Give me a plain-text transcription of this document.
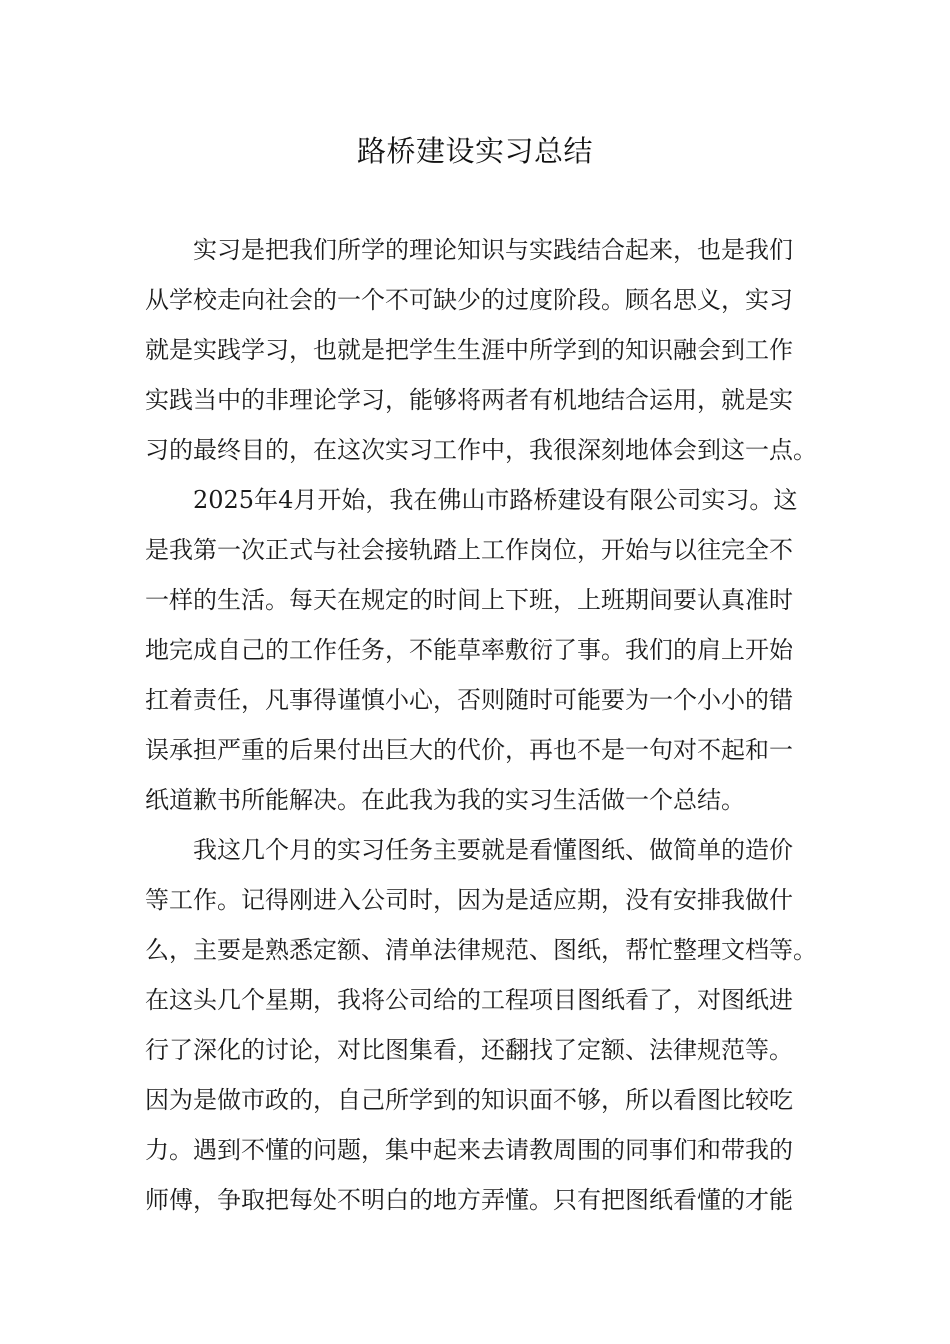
路桥建设实习总结
实习是把我们所学的理论知识与实践结合起来，也是我们
从学校走向社会的一个不可缺少的过度阶段。顾名思义，实习
就是实践学习，也就是把学生生涯中所学到的知识融会到工作
实践当中的非理论学习，能够将两者有机地结合运用，就是实
习的最终目的，在这次实习工作中，我很深刻地体会到这一点。
2025年4月开始，我在佛山市路桥建设有限公司实习。这
是我第一次正式与社会接轨踏上工作岗位，开始与以往完全不
一样的生活。每天在规定的时间上下班，上班期间要认真准时
地完成自己的工作任务，不能草率敷衍了事。我们的肩上开始
扛着责任，凡事得谨慎小心，否则随时可能要为一个小小的错
误承担严重的后果付出巨大的代价，再也不是一句对不起和一
纸道歉书所能解决。在此我为我的实习生活做一个总结。
我这几个月的实习任务主要就是看懂图纸、做简单的造价
等工作。记得刚进入公司时，因为是适应期，没有安排我做什
么，主要是熟悉定额、清单法律规范、图纸，帮忙整理文档等。
在这头几个星期，我将公司给的工程项目图纸看了，对图纸进
行了深化的讨论，对比图集看，还翻找了定额、法律规范等。
因为是做市政的，自己所学到的知识面不够，所以看图比较吃
力。遇到不懂的问题，集中起来去请教周围的同事们和带我的
师傅，争取把每处不明白的地方弄懂。只有把图纸看懂的才能
